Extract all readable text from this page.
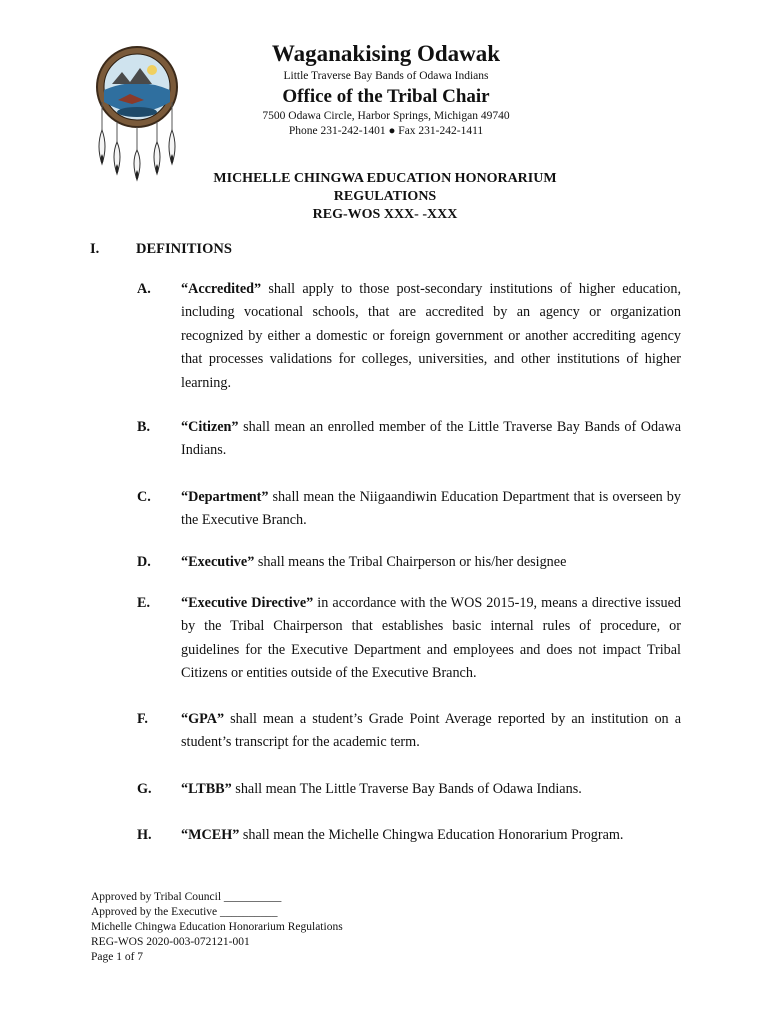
Waganakising Odawak
Little Traverse Bay Bands of Odawa Indians
Office of the Tribal Chair
7500 Odawa Circle, Harbor Springs, Michigan 49740
Phone 231-242-1401 ● Fax 231-242-1411
MICHELLE CHINGWA EDUCATION HONORARIUM
REGULATIONS
REG-WOS XXX- -XXX
I.	DEFINITIONS
A. “Accredited” shall apply to those post-secondary institutions of higher education, including vocational schools, that are accredited by an agency or organization recognized by either a domestic or foreign government or another accrediting agency that processes validations for colleges, universities, and other institutions of higher learning.
B. “Citizen” shall mean an enrolled member of the Little Traverse Bay Bands of Odawa Indians.
C. “Department” shall mean the Niigaandiwin Education Department that is overseen by the Executive Branch.
D. “Executive” shall means the Tribal Chairperson or his/her designee
E. “Executive Directive” in accordance with the WOS 2015-19, means a directive issued by the Tribal Chairperson that establishes basic internal rules of procedure, or guidelines for the Executive Department and employees and does not impact Tribal Citizens or entities outside of the Executive Branch.
F. “GPA” shall mean a student’s Grade Point Average reported by an institution on a student’s transcript for the academic term.
G. “LTBB” shall mean The Little Traverse Bay Bands of Odawa Indians.
H. “MCEH” shall mean the Michelle Chingwa Education Honorarium Program.
Approved by Tribal Council __________
Approved by the Executive __________
Michelle Chingwa Education Honorarium Regulations
REG-WOS 2020-003-072121-001
Page 1 of 7
